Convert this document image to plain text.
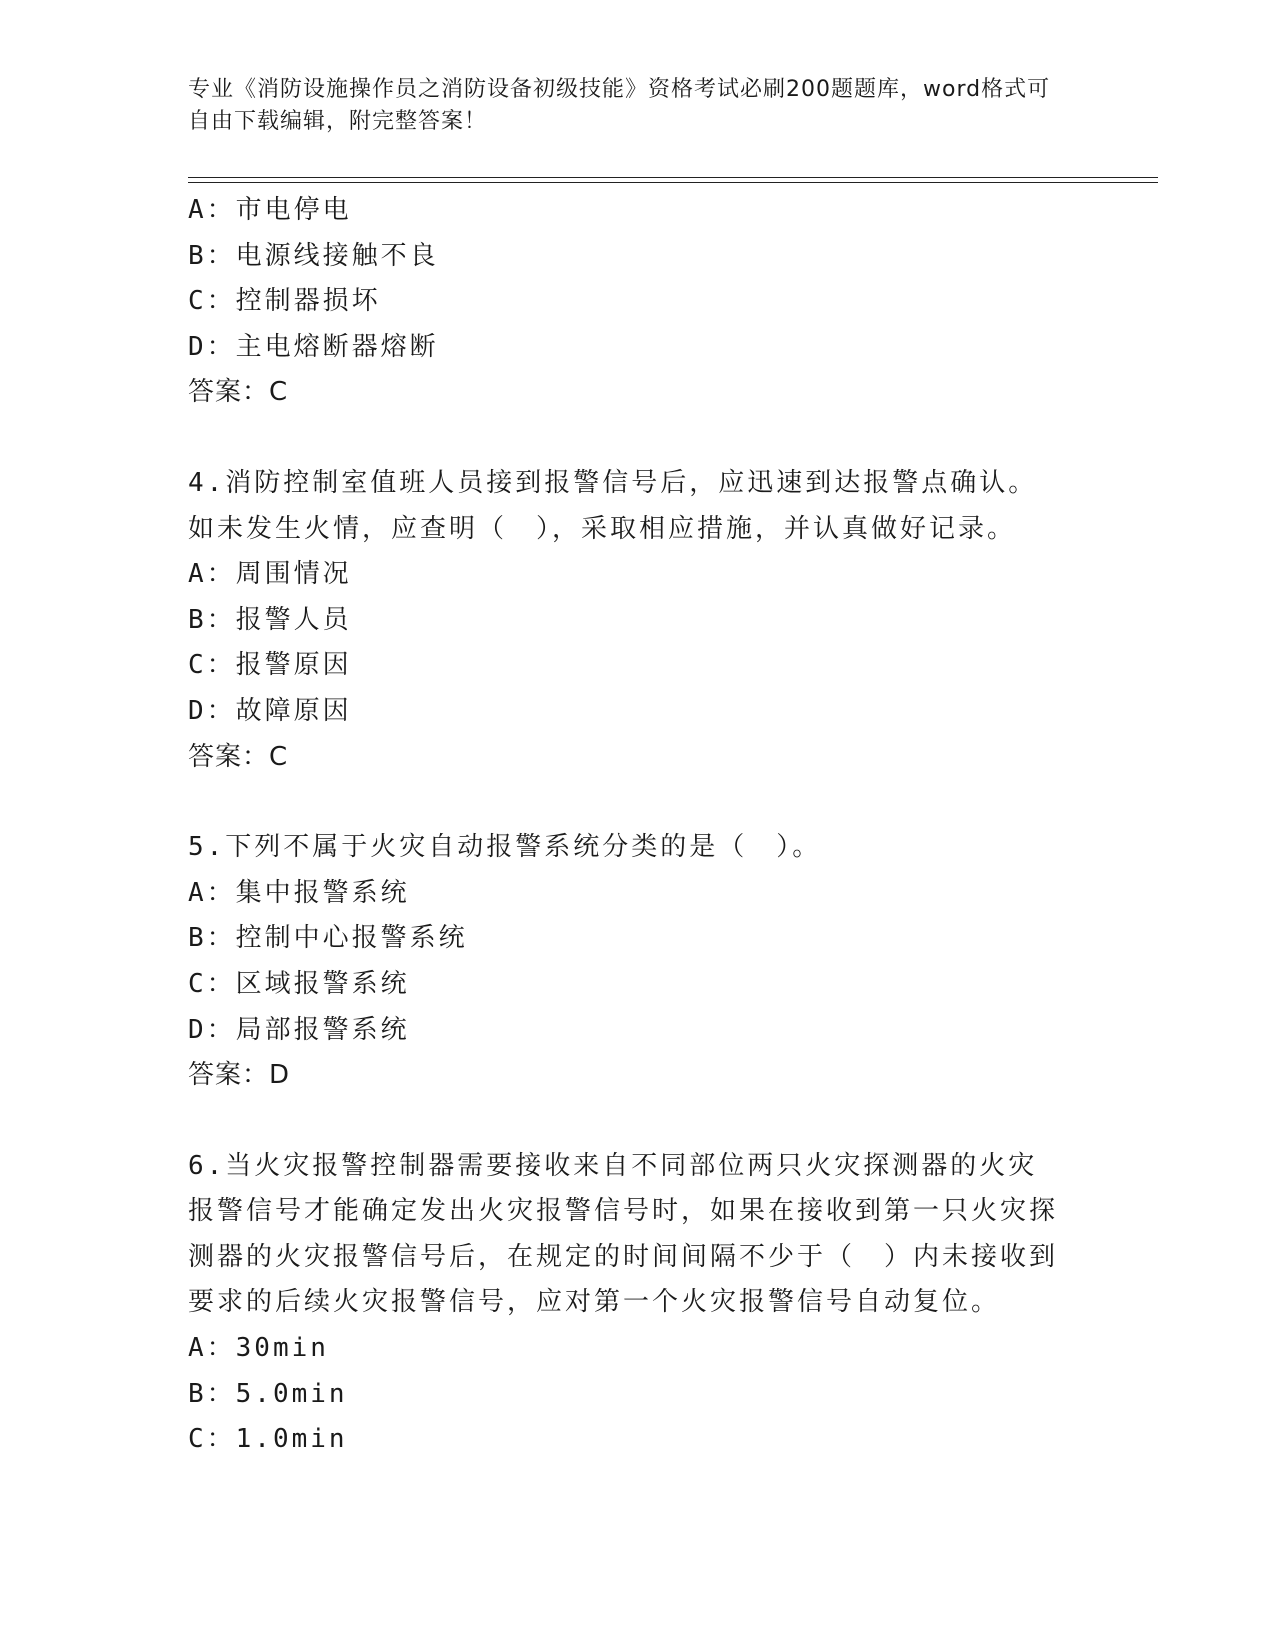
专业《消防设施操作员之消防设备初级技能》资格考试必刷200题题库，word格式可自由下载编辑，附完整答案！
A：市电停电
B：电源线接触不良
C：控制器损坏
D：主电熔断器熔断
答案：C
4.消防控制室值班人员接到报警信号后，应迅速到达报警点确认。如未发生火情，应查明（　），采取相应措施，并认真做好记录。
A：周围情况
B：报警人员
C：报警原因
D：故障原因
答案：C
5.下列不属于火灾自动报警系统分类的是（　）。
A：集中报警系统
B：控制中心报警系统
C：区域报警系统
D：局部报警系统
答案：D
6.当火灾报警控制器需要接收来自不同部位两只火灾探测器的火灾报警信号才能确定发出火灾报警信号时，如果在接收到第一只火灾探测器的火灾报警信号后，在规定的时间间隔不少于（　）内未接收到要求的后续火灾报警信号，应对第一个火灾报警信号自动复位。
A：30min
B：5.0min
C：1.0min
